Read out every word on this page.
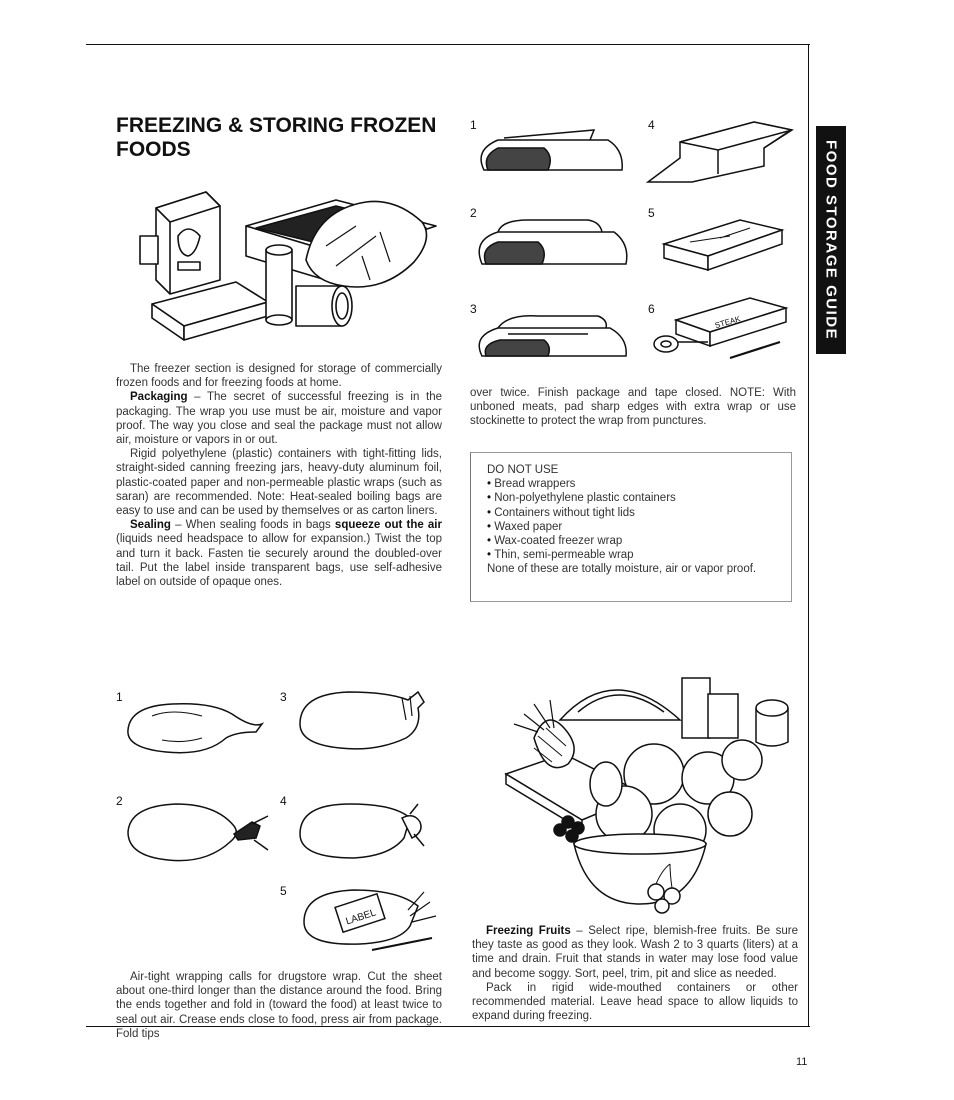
FOOD STORAGE GUIDE
FREEZING & STORING FROZEN FOODS

The freezer section is designed for storage of commercially frozen foods and for freezing foods at home.

Packaging – The secret of successful freezing is in the packaging. The wrap you use must be air, moisture and vapor proof. The way you close and seal the package must not allow air, moisture or vapors in or out.

Rigid polyethylene (plastic) containers with tight-fitting lids, straight-sided canning freezing jars, heavy-duty aluminum foil, plastic-coated paper and non-permeable plastic wraps (such as saran) are recommended. Note: Heat-sealed boiling bags are easy to use and can be used by themselves or as carton liners.

Sealing – When sealing foods in bags squeeze out the air (liquids need headspace to allow for expansion.) Twist the top and turn it back. Fasten tie securely around the doubled-over tail. Put the label inside transparent bags, use self-adhesive label on outside of opaque ones.

1	3
2	4
5
LABEL

Air-tight wrapping calls for drugstore wrap. Cut the sheet about one-third longer than the distance around the food. Bring the ends together and fold in (toward the food) at least twice to seal out air. Crease ends close to food, press air from package. Fold tips

1	4
2	5
3	6
STEAK

over twice. Finish package and tape closed. NOTE: With unboned meats, pad sharp edges with extra wrap or use stockinette to protect the wrap from punctures.

DO NOT USE
• Bread wrappers
• Non-polyethylene plastic containers
• Containers without tight lids
• Waxed paper
• Wax-coated freezer wrap
• Thin, semi-permeable wrap
None of these are totally moisture, air or vapor proof.

Freezing Fruits – Select ripe, blemish-free fruits. Be sure they taste as good as they look. Wash 2 to 3 quarts (liters) at a time and drain. Fruit that stands in water may lose food value and become soggy. Sort, peel, trim, pit and slice as needed.

Pack in rigid wide-mouthed containers or other recommended material. Leave head space to allow liquids to expand during freezing.

11
